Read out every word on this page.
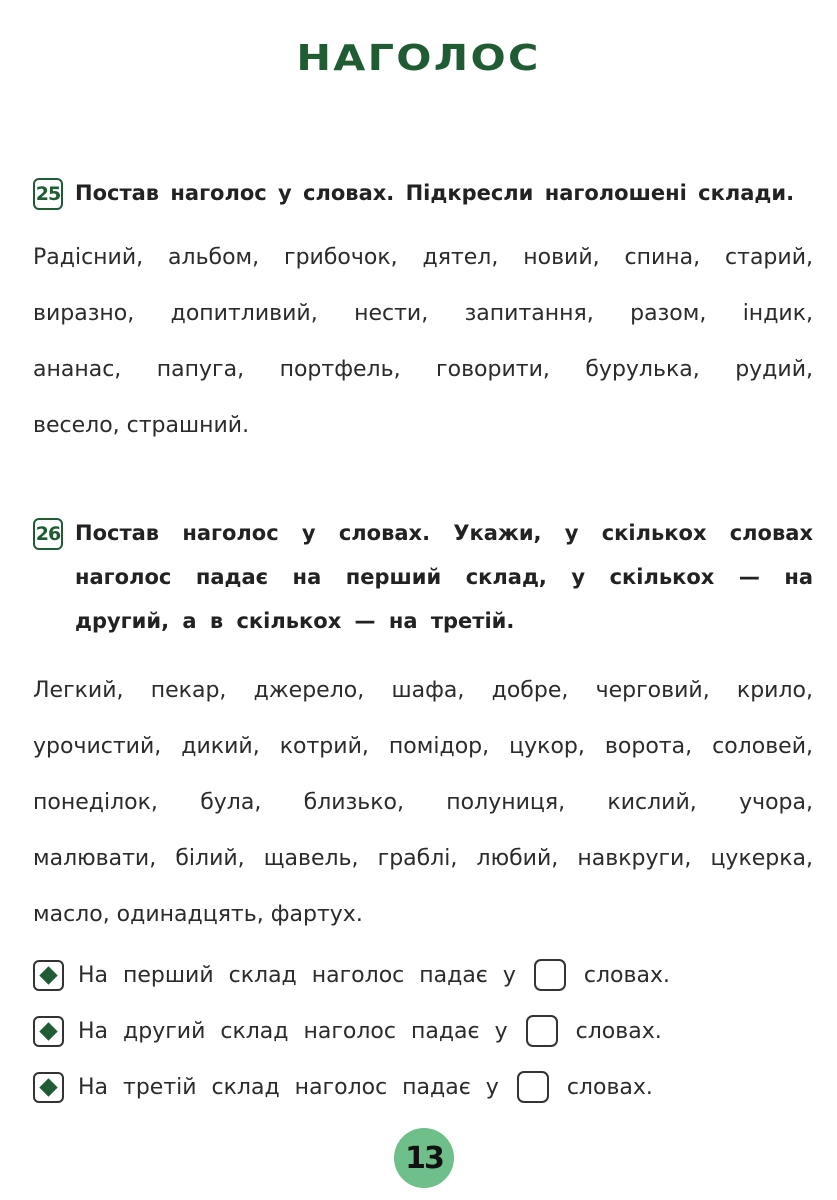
НАГОЛОС
25 Постав наголос у словах. Підкресли наголошені склади.
Радісний, альбом, грибочок, дятел, новий, спина, старий,
виразно, допитливий, нести, запитання, разом, індик,
ананас, папуга, портфель, говорити, бурулька, рудий,
весело, страшний.
26 Постав наголос у словах. Укажи, у скількох словах
наголос падає на перший склад, у скількох — на
другий, а в скількох — на третій.
Легкий, пекар, джерело, шафа, добре, черговий, крило,
урочистий, дикий, котрий, помідор, цукор, ворота, соловей,
понеділок, була, близько, полуниця, кислий, учора,
малювати, білий, щавель, граблі, любий, навкруги, цукерка,
масло, одинадцять, фартух.
На перший склад наголос падає у	словах.
На другий склад наголос падає у	словах.
На третій склад наголос падає у	словах.
13
